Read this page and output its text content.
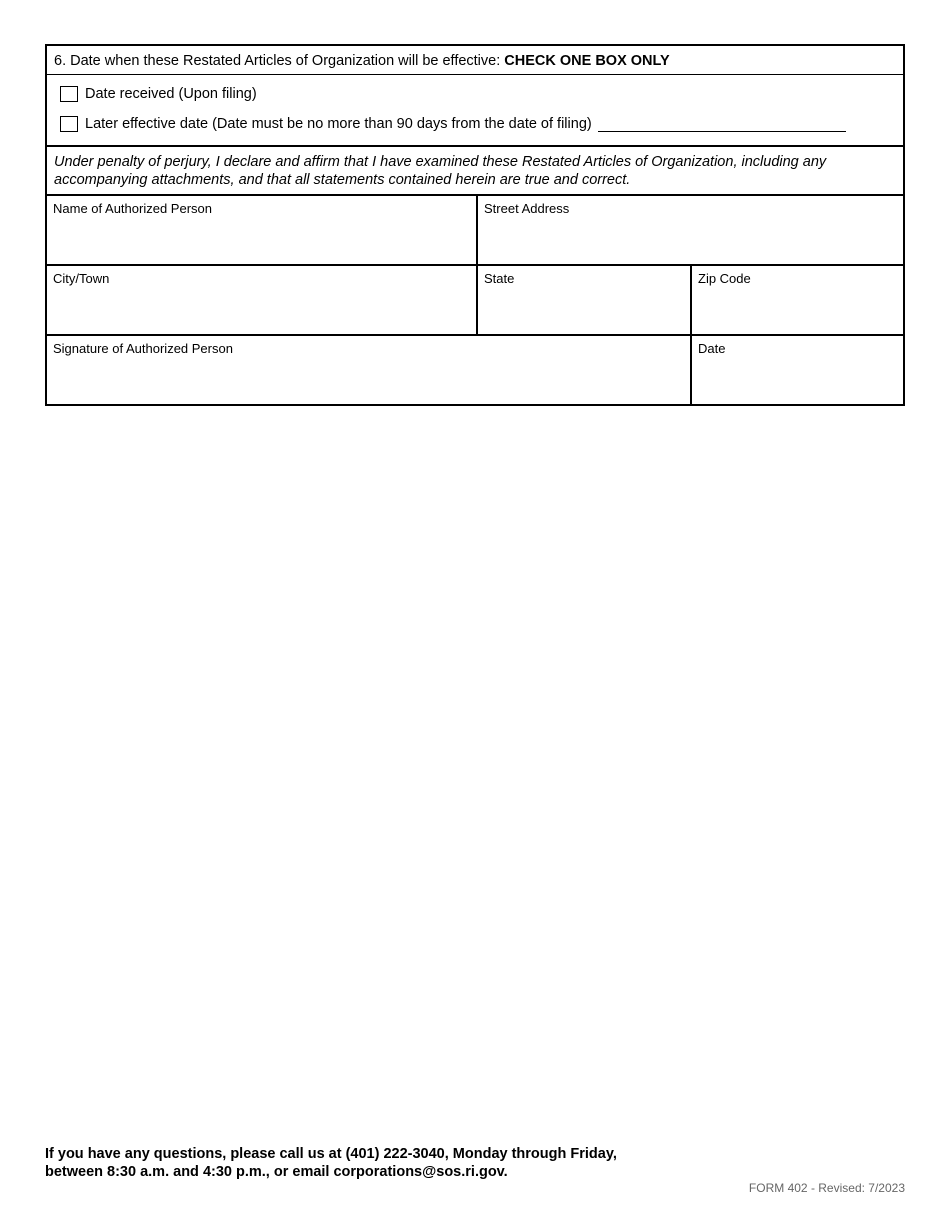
6. Date when these Restated Articles of Organization will be effective: CHECK ONE BOX ONLY
Date received (Upon filing)
Later effective date (Date must be no more than 90 days from the date of filing)
Under penalty of perjury, I declare and affirm that I have examined these Restated Articles of Organization, including any accompanying attachments, and that all statements contained herein are true and correct.
Name of Authorized Person	Street Address
City/Town	State	Zip Code
Signature of Authorized Person	Date
If you have any questions, please call us at (401) 222-3040, Monday through Friday,
between 8:30 a.m. and 4:30 p.m., or email corporations@sos.ri.gov.
FORM 402 - Revised: 7/2023
